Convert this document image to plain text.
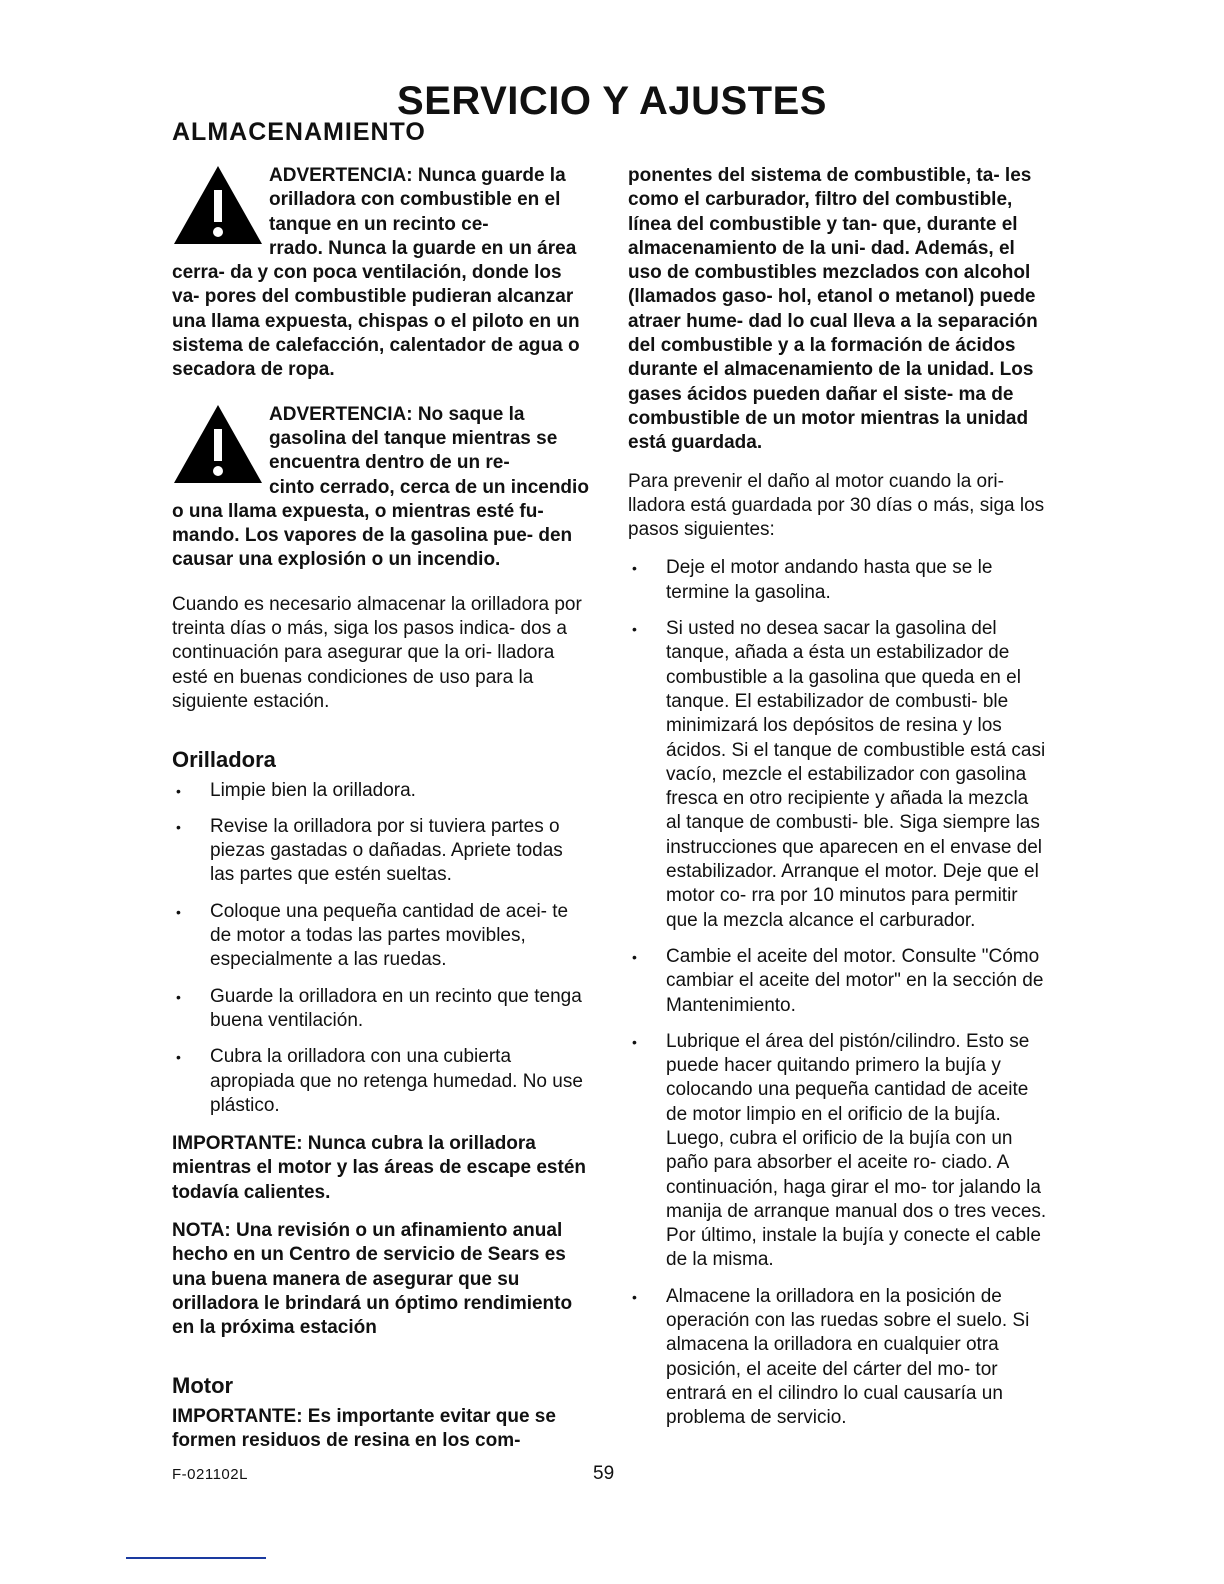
SERVICIO Y AJUSTES
ALMACENAMIENTO
ADVERTENCIA: Nunca guarde la orilladora con combustible en el tanque en un recinto ce-
rrado. Nunca la guarde en un área cerra- da y con poca ventilación, donde los va- pores del combustible pudieran alcanzar una llama expuesta, chispas o el piloto en un sistema de calefacción, calentador de agua o secadora de ropa.
ADVERTENCIA: No saque la gasolina del tanque mientras se encuentra dentro de un re-
cinto cerrado, cerca de un incendio o una llama expuesta, o mientras esté fu- mando. Los vapores de la gasolina pue- den causar una explosión o un incendio.

Cuando es necesario almacenar la orilladora por treinta días o más, siga los pasos indica- dos a continuación para asegurar que la ori- lladora esté en buenas condiciones de uso para la siguiente estación.

Orilladora
• Limpie bien la orilladora.
• Revise la orilladora por si tuviera partes o piezas gastadas o dañadas. Apriete todas las partes que estén sueltas.
• Coloque una pequeña cantidad de acei- te de motor a todas las partes movibles, especialmente a las ruedas.
• Guarde la orilladora en un recinto que tenga buena ventilación.
• Cubra la orilladora con una cubierta apropiada que no retenga humedad. No use plástico.

IMPORTANTE: Nunca cubra la orilladora mientras el motor y las áreas de escape estén todavía calientes.

NOTA: Una revisión o un afinamiento anual hecho en un Centro de servicio de Sears es una buena manera de asegurar que su orilladora le brindará un óptimo rendimiento en la próxima estación

Motor

IMPORTANTE: Es importante evitar que se formen residuos de resina en los com-

ponentes del sistema de combustible, ta- les como el carburador, filtro del combustible, línea del combustible y tan- que, durante el almacenamiento de la uni- dad. Además, el uso de combustibles mezclados con alcohol (llamados gaso- hol, etanol o metanol) puede atraer hume- dad lo cual lleva a la separación del combustible y a la formación de ácidos durante el almacenamiento de la unidad. Los gases ácidos pueden dañar el siste- ma de combustible de un motor mientras la unidad está guardada.

Para prevenir el daño al motor cuando la ori- lladora está guardada por 30 días o más, siga los pasos siguientes:

• Deje el motor andando hasta que se le termine la gasolina.
• Si usted no desea sacar la gasolina del tanque, añada a ésta un estabilizador de combustible a la gasolina que queda en el tanque. El estabilizador de combusti- ble minimizará los depósitos de resina y los ácidos. Si el tanque de combustible está casi vacío, mezcle el estabilizador con gasolina fresca en otro recipiente y añada la mezcla al tanque de combusti- ble. Siga siempre las instrucciones que aparecen en el envase del estabilizador. Arranque el motor. Deje que el motor co- rra por 10 minutos para permitir que la mezcla alcance el carburador.
• Cambie el aceite del motor. Consulte "Cómo cambiar el aceite del motor" en la sección de Mantenimiento.
• Lubrique el área del pistón/cilindro. Esto se puede hacer quitando primero la bujía y colocando una pequeña cantidad de aceite de motor limpio en el orificio de la bujía. Luego, cubra el orificio de la bujía con un paño para absorber el aceite ro- ciado. A continuación, haga girar el mo- tor jalando la manija de arranque manual dos o tres veces. Por último, instale la bujía y conecte el cable de la misma.
• Almacene la orilladora en la posición de operación con las ruedas sobre el suelo. Si almacena la orilladora en cualquier otra posición, el aceite del cárter del mo- tor entrará en el cilindro lo cual causaría un problema de servicio.
F-021102L	59
